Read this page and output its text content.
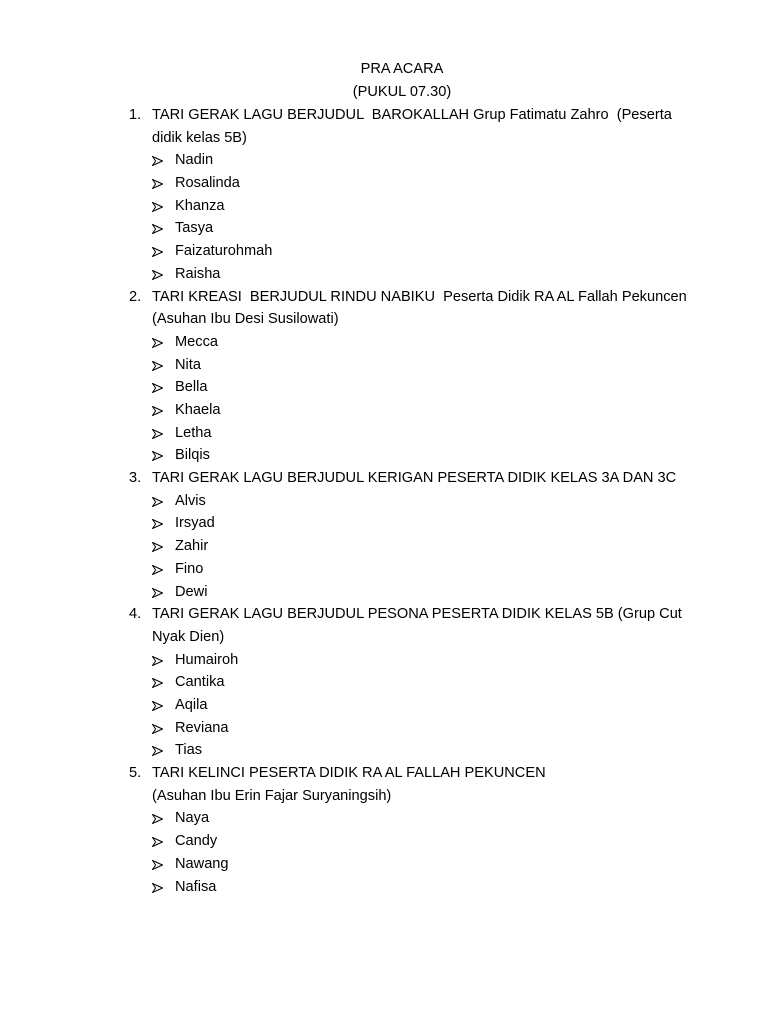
PRA ACARA
(PUKUL 07.30)
1. TARI GERAK LAGU BERJUDUL  BAROKALLAH Grup Fatimatu Zahro  (Peserta didik kelas 5B)
Nadin
Rosalinda
Khanza
Tasya
Faizaturohmah
Raisha
2. TARI KREASI  BERJUDUL RINDU NABIKU  Peserta Didik RA AL Fallah Pekuncen (Asuhan Ibu Desi Susilowati)
Mecca
Nita
Bella
Khaela
Letha
Bilqis
3. TARI GERAK LAGU BERJUDUL KERIGAN PESERTA DIDIK KELAS 3A DAN 3C
Alvis
Irsyad
Zahir
Fino
Dewi
4. TARI GERAK LAGU BERJUDUL PESONA PESERTA DIDIK KELAS 5B (Grup Cut Nyak Dien)
Humairoh
Cantika
Aqila
Reviana
Tias
5. TARI KELINCI PESERTA DIDIK RA AL FALLAH PEKUNCEN
(Asuhan Ibu Erin Fajar Suryaningsih)
Naya
Candy
Nawang
Nafisa
